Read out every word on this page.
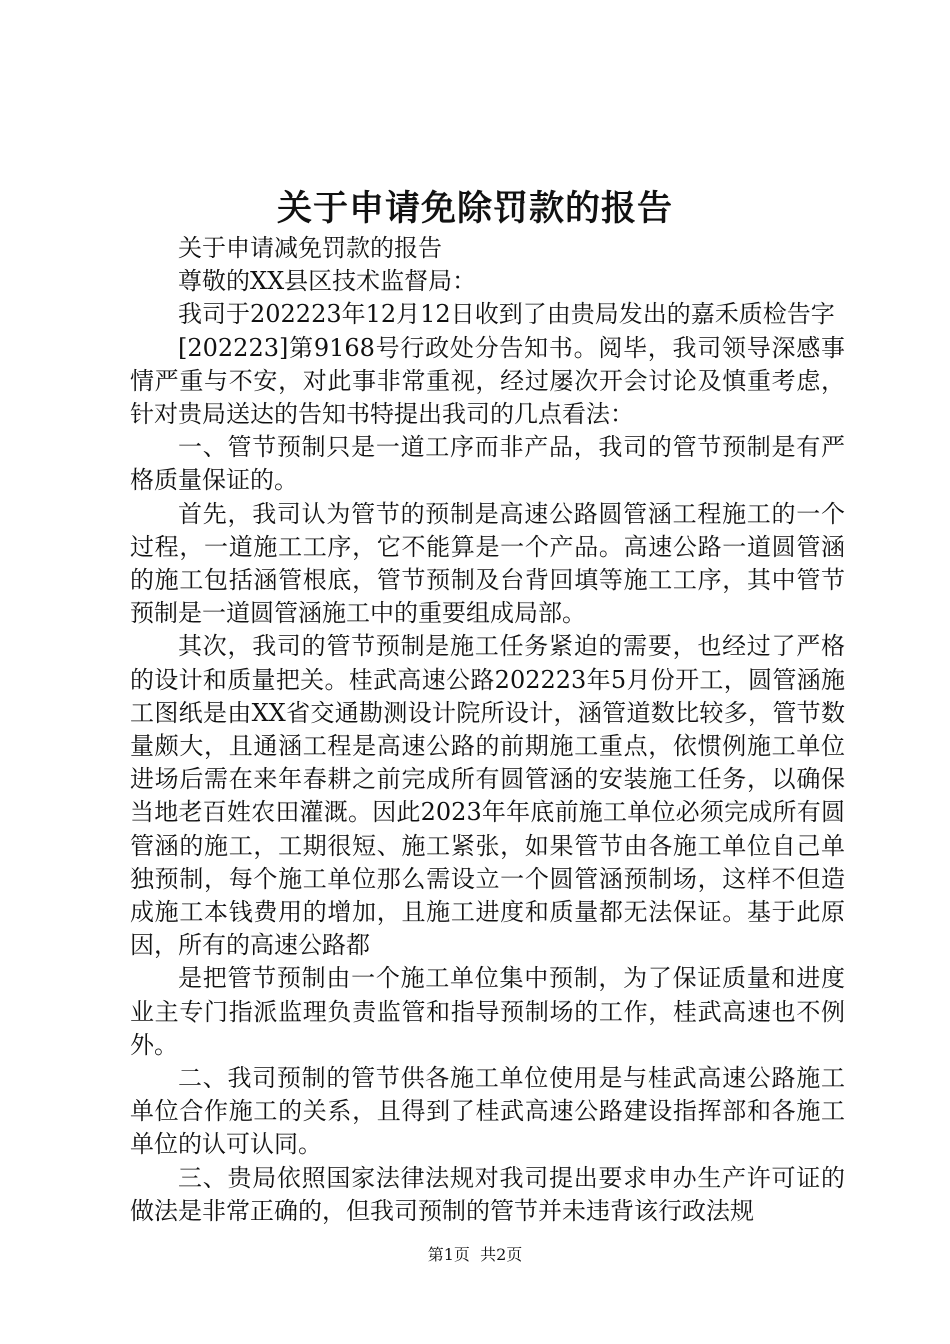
关于申请免除罚款的报告

关于申请减免罚款的报告

尊敬的XX县区技术监督局：

我司于202223年12月12日收到了由贵局发出的嘉禾质检告字

[202223]第9168号行政处分告知书。阅毕，我司领导深感事情严重与不安，对此事非常重视，经过屡次开会讨论及慎重考虑，针对贵局送达的告知书特提出我司的几点看法：

一、管节预制只是一道工序而非产品，我司的管节预制是有严格质量保证的。

首先，我司认为管节的预制是高速公路圆管涵工程施工的一个过程，一道施工工序，它不能算是一个产品。高速公路一道圆管涵的施工包括涵管根底，管节预制及台背回填等施工工序，其中管节预制是一道圆管涵施工中的重要组成局部。

其次，我司的管节预制是施工任务紧迫的需要，也经过了严格的设计和质量把关。桂武高速公路202223年5月份开工，圆管涵施工图纸是由XX省交通勘测设计院所设计，涵管道数比较多，管节数量颇大，且通涵工程是高速公路的前期施工重点，依惯例施工单位进场后需在来年春耕之前完成所有圆管涵的安装施工任务，以确保当地老百姓农田灌溉。因此2023年年底前施工单位必须完成所有圆管涵的施工，工期很短、施工紧张，如果管节由各施工单位自己单独预制，每个施工单位那么需设立一个圆管涵预制场，这样不但造成施工本钱费用的增加，且施工进度和质量都无法保证。基于此原因，所有的高速公路都

是把管节预制由一个施工单位集中预制，为了保证质量和进度业主专门指派监理负责监管和指导预制场的工作，桂武高速也不例外。

二、我司预制的管节供各施工单位使用是与桂武高速公路施工单位合作施工的关系，且得到了桂武高速公路建设指挥部和各施工单位的认可认同。

三、贵局依照国家法律法规对我司提出要求申办生产许可证的做法是非常正确的，但我司预制的管节并未违背该行政法规

第1页  共2页
